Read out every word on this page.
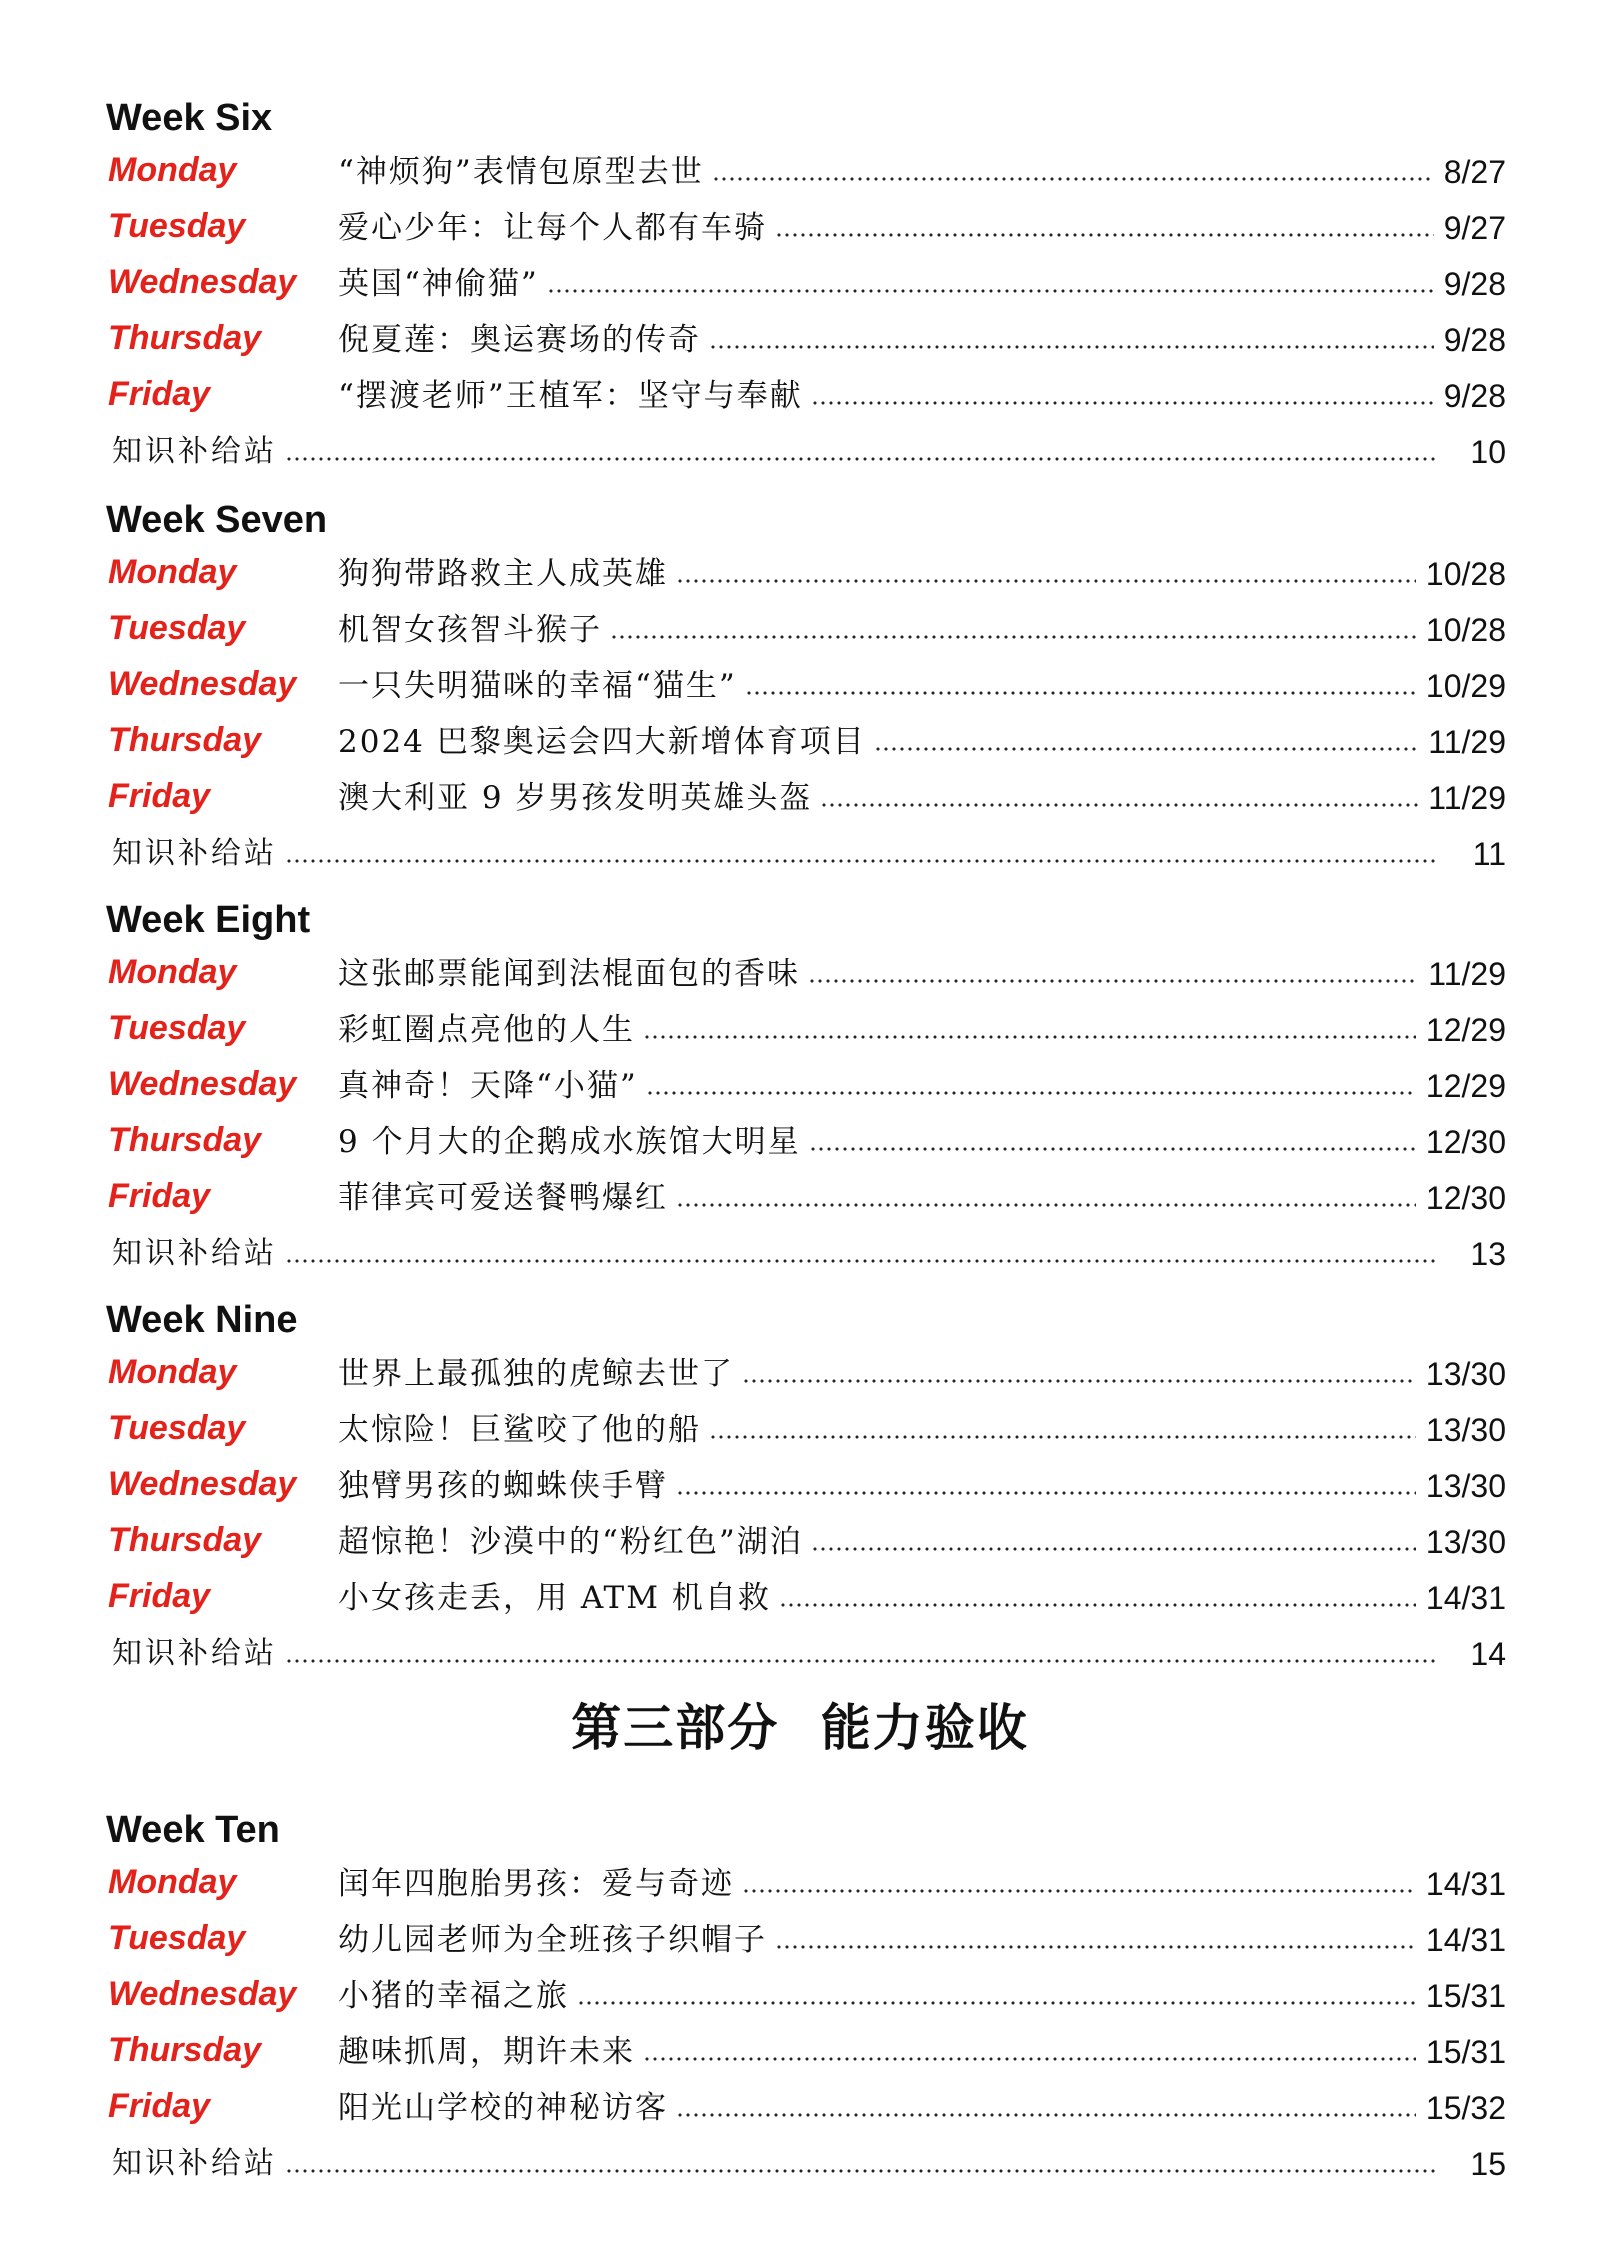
第三部分 能力验收
Week Six
Monday	“神烦狗”表情包原型去世	8/27
Tuesday	爱心少年：让每个人都有车骑	9/27
Wednesday 英国“神偷猫”	9/28
Thursday 倪夏莲：奥运赛场的传奇	9/28
Friday	“摆渡老师”王植军：坚守与奉献	9/28
知识补给站	10
Week Seven
Monday	狗狗带路救主人成英雄	10/28
Tuesday	机智女孩智斗猴子	10/28
Wednesday 一只失明猫咪的幸福“猫生”	10/29
Thursday 2024 巴黎奥运会四大新增体育项目	11/29
Friday	澳大利亚 9 岁男孩发明英雄头盔	11/29
知识补给站	11
Week Eight
Monday	这张邮票能闻到法棍面包的香味	11/29
Tuesday	彩虹圈点亮他的人生	12/29
Wednesday 真神奇！天降“小猫”	12/29
Thursday 9 个月大的企鹅成水族馆大明星	12/30
Friday	菲律宾可爱送餐鸭爆红	12/30
知识补给站	13
Week Nine
Monday	世界上最孤独的虎鲸去世了	13/30
Tuesday	太惊险！巨鲨咬了他的船	13/30
Wednesday 独臂男孩的蜘蛛侠手臂	13/30
Thursday 超惊艳！沙漠中的“粉红色”湖泊	13/30
Friday	小女孩走丢，用 ATM 机自救	14/31
知识补给站	14
Week Ten
Monday	闰年四胞胎男孩：爱与奇迹	14/31
Tuesday	幼儿园老师为全班孩子织帽子	14/31
Wednesday 小猪的幸福之旅	15/31
Thursday 趣味抓周，期许未来	15/31
Friday	阳光山学校的神秘访客	15/32
知识补给站	15
